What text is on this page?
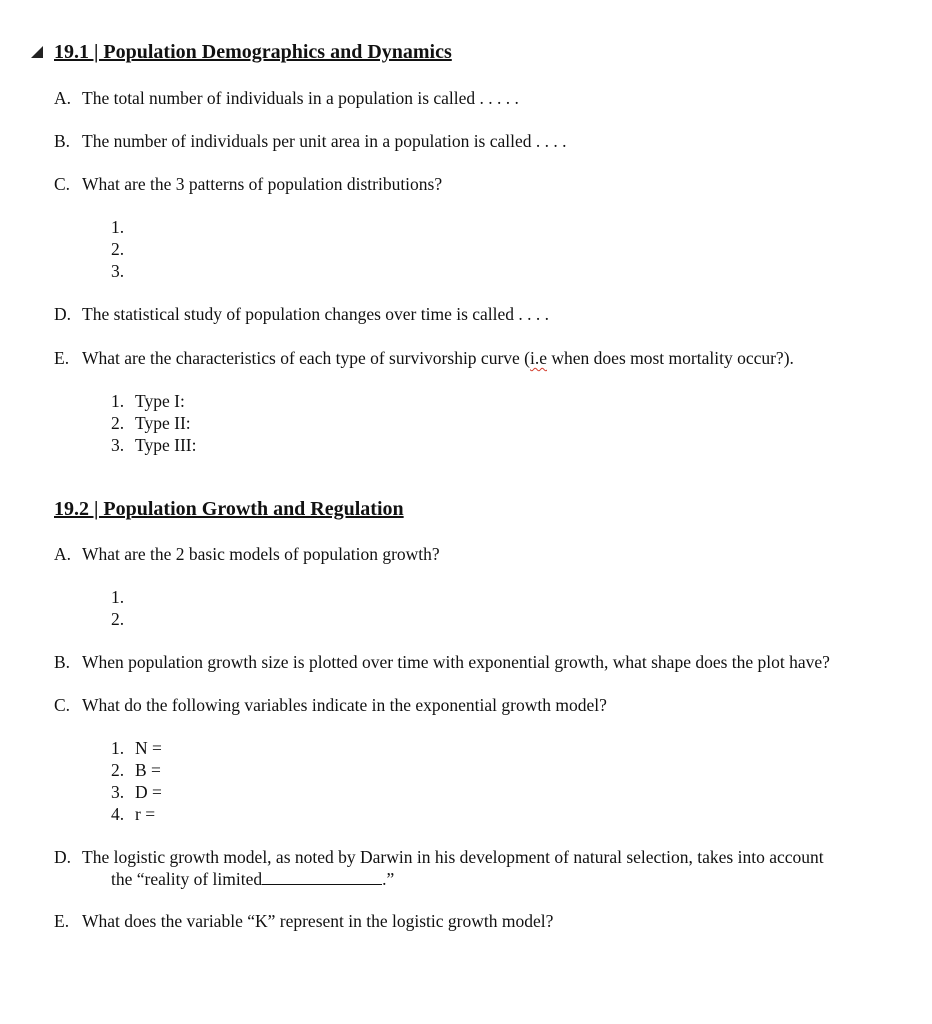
19.1 | Population Demographics and Dynamics
A. The total number of individuals in a population is called . . . . .
B. The number of individuals per unit area in a population is called . . . .
C. What are the 3 patterns of population distributions?
1.
2.
3.
D. The statistical study of population changes over time is called . . . .
E. What are the characteristics of each type of survivorship curve (i.e when does most mortality occur?).
1. Type I:
2. Type II:
3. Type III:
19.2 | Population Growth and Regulation
A. What are the 2 basic models of population growth?
1.
2.
B. When population growth size is plotted over time with exponential growth, what shape does the plot have?
C. What do the following variables indicate in the exponential growth model?
1. N =
2. B =
3. D =
4. r =
D. The logistic growth model, as noted by Darwin in his development of natural selection, takes into account
the “reality of limited	.”
E. What does the variable “K” represent in the logistic growth model?
